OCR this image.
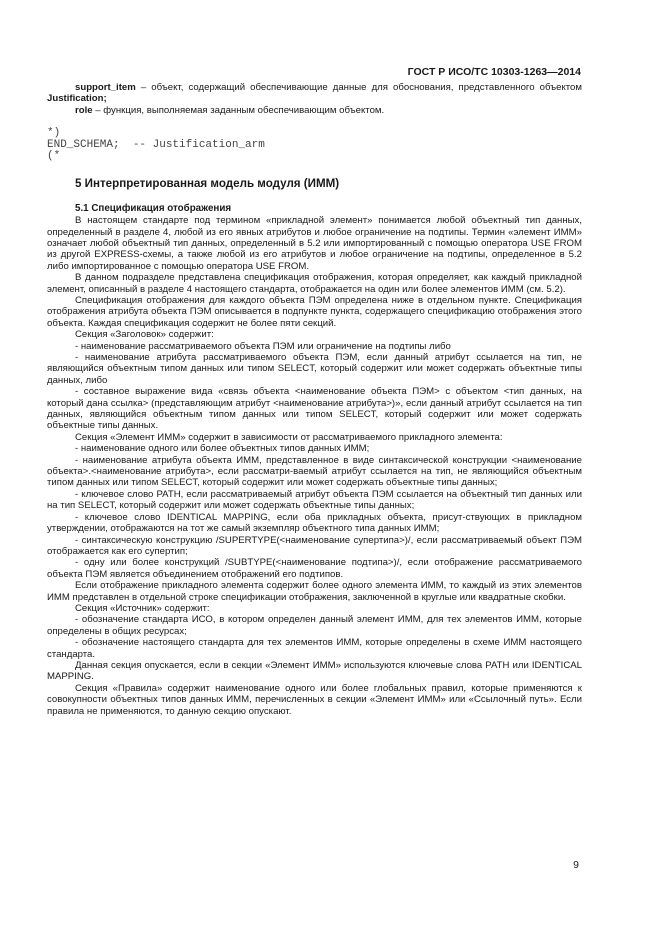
ГОСТ Р ИСО/ТС 10303-1263—2014

support_item – объект, содержащий обеспечивающие данные для обоснования, представленного объектом Justification;

role – функция, выполняемая заданным обеспечивающим объектом.

*)

END_SCHEMA;  -- Justification_arm

(*

5 Интерпретированная модель модуля (ИММ)
5.1 Спецификация отображения

В настоящем стандарте под термином «прикладной элемент» понимается любой объектный тип данных, определенный в разделе 4, любой из его явных атрибутов и любое ограничение на подтипы. Термин «элемент ИММ» означает любой объектный тип данных, определенный в 5.2 или импортированный с помощью оператора USE FROM из другой EXPRESS-схемы, а также любой из его атрибутов и любое ограничение на подтипы, определенное в 5.2 либо импортированное с помощью оператора USE FROM.

В данном подразделе представлена спецификация отображения, которая определяет, как каждый прикладной элемент, описанный в разделе 4 настоящего стандарта, отображается на один или более элементов ИММ (см. 5.2).

Спецификация отображения для каждого объекта ПЭМ определена ниже в отдельном пункте. Спецификация отображения атрибута объекта ПЭМ описывается в подпункте пункта, содержащего спецификацию отображения этого объекта. Каждая спецификация содержит не более пяти секций.

Секция «Заголовок» содержит:

- наименование рассматриваемого объекта ПЭМ или ограничение на подтипы либо

- наименование атрибута рассматриваемого объекта ПЭМ, если данный атрибут ссылается на тип, не являющийся объектным типом данных или типом SELECT, который содержит или может содержать объектные типы данных, либо

- составное выражение вида «связь объекта <наименование объекта ПЭМ> с объектом <тип данных, на который дана ссылка> (представляющим атрибут <наименование атрибута>)», если данный атрибут ссылается на тип данных, являющийся объектным типом данных или типом SELECT, который содержит или может содержать объектные типы данных.

Секция «Элемент ИММ» содержит в зависимости от рассматриваемого прикладного элемента:

- наименование одного или более объектных типов данных ИММ;

- наименование атрибута объекта ИММ, представленное в виде синтаксической конструкции <наименование объекта>.<наименование атрибута>, если рассматри-ваемый атрибут ссылается на тип, не являющийся объектным типом данных или типом SELECT, который содержит или может содержать объектные типы данных;

- ключевое слово PATH, если рассматриваемый атрибут объекта ПЭМ ссылается на объектный тип данных или на тип SELECT, который содержит или может содержать объектные типы данных;

- ключевое слово IDENTICAL MAPPING, если оба прикладных объекта, присут-ствующих в прикладном утверждении, отображаются на тот же самый экземпляр объектного типа данных ИММ;

- синтаксическую конструкцию /SUPERTYPE(<наименование супертипа>)/, если рассматриваемый объект ПЭМ отображается как его супертип;

- одну или более конструкций /SUBTYPE(<наименование подтипа>)/, если отображение рассматриваемого объекта ПЭМ является объединением отображений его подтипов.

Если отображение прикладного элемента содержит более одного элемента ИММ, то каждый из этих элементов ИММ представлен в отдельной строке спецификации отображения, заключенной в круглые или квадратные скобки.

Секция «Источник» содержит:

- обозначение стандарта ИСО, в котором определен данный элемент ИММ, для тех элементов ИММ, которые определены в общих ресурсах;

- обозначение настоящего стандарта для тех элементов ИММ, которые определены в схеме ИММ настоящего стандарта.

Данная секция опускается, если в секции «Элемент ИММ» используются ключевые слова PATH или IDENTICAL MAPPING.

Секция «Правила» содержит наименование одного или более глобальных правил, которые применяются к совокупности объектных типов данных ИММ, перечисленных в секции «Элемент ИММ» или «Ссылочный путь». Если правила не применяются, то данную секцию опускают.

9
